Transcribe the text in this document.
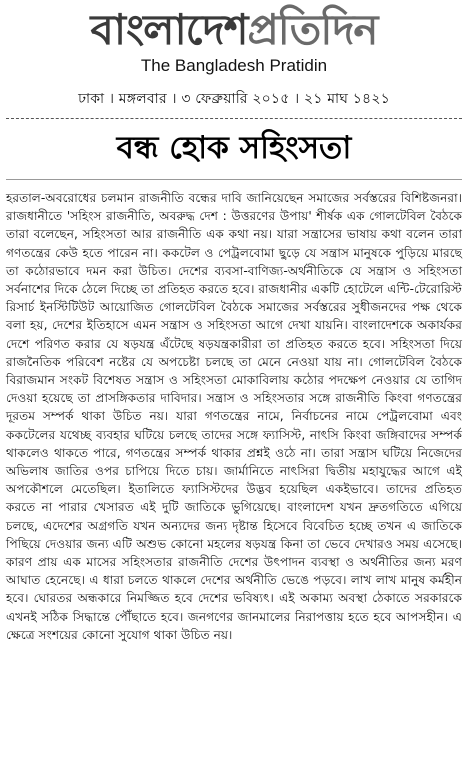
বাংলাদেশপ্রতিদিন
The Bangladesh Pratidin
ঢাকা । মঙ্গলবার । ৩ ফেব্রুয়ারি ২০১৫ । ২১ মাঘ ১৪২১
বন্ধ হোক সহিংসতা
হরতাল-অবরোধের চলমান রাজনীতি বন্ধের দাবি জানিয়েছেন সমাজের সর্বস্তরের বিশিষ্টজনরা। রাজধানীতে 'সহিংস রাজনীতি, অবরুদ্ধ দেশ : উত্তরণের উপায়' শীর্ষক এক গোলটেবিল বৈঠকে তারা বলেছেন, সহিংসতা আর রাজনীতি এক কথা নয়। যারা সন্ত্রাসের ভাষায় কথা বলেন তারা গণতন্ত্রের কেউ হতে পারেন না। ককটেল ও পেট্রলবোমা ছুড়ে যে সন্ত্রাস মানুষকে পুড়িয়ে মারছে তা কঠোরভাবে দমন করা উচিত। দেশের ব্যবসা-বাণিজ্য-অর্থনীতিকে যে সন্ত্রাস ও সহিংসতা সর্বনাশের দিকে ঠেলে দিচ্ছে তা প্রতিহত করতে হবে। রাজধানীর একটি হোটেলে এন্টি-টেরোরিস্ট রিসার্চ ইনস্টিটিউট আয়োজিত গোলটেবিল বৈঠকে সমাজের সর্বস্তরের সুধীজনদের পক্ষ থেকে বলা হয়, দেশের ইতিহাসে এমন সন্ত্রাস ও সহিংসতা আগে দেখা যায়নি। বাংলাদেশকে অকার্যকর দেশে পরিণত করার যে ষড়যন্ত্র এঁটেছে ষড়যন্ত্রকারীরা তা প্রতিহত করতে হবে। সহিংসতা দিয়ে রাজনৈতিক পরিবেশ নষ্টের যে অপচেষ্টা চলছে তা মেনে নেওয়া যায় না। গোলটেবিল বৈঠকে বিরাজমান সংকট বিশেষত সন্ত্রাস ও সহিংসতা মোকাবিলায় কঠোর পদক্ষেপ নেওয়ার যে তাগিদ দেওয়া হয়েছে তা প্রাসঙ্গিকতার দাবিদার। সন্ত্রাস ও সহিংসতার সঙ্গে রাজনীতি কিংবা গণতন্ত্রের দূরতম সম্পর্ক থাকা উচিত নয়। যারা গণতন্ত্রের নামে, নির্বাচনের নামে পেট্রলবোমা এবং ককটেলের যথেচ্ছ ব্যবহার ঘটিয়ে চলছে তাদের সঙ্গে ফ্যাসিস্ট, নাৎসি কিংবা জঙ্গিবাদের সম্পর্ক থাকলেও থাকতে পারে, গণতন্ত্রের সম্পর্ক থাকার প্রশ্নই ওঠে না। তারা সন্ত্রাস ঘটিয়ে নিজেদের অভিলাষ জাতির ওপর চাপিয়ে দিতে চায়। জার্মানিতে নাৎসিরা দ্বিতীয় মহাযুদ্ধের আগে এই অপকৌশলে মেতেছিল। ইতালিতে ফ্যাসিস্টদের উদ্ভব হয়েছিল একইভাবে। তাদের প্রতিহত করতে না পারার খেসারত এই দুটি জাতিকে ভুগিয়েছে। বাংলাদেশ যখন দ্রুতগতিতে এগিয়ে চলছে, এদেশের অগ্রগতি যখন অন্যদের জন্য দৃষ্টান্ত হিসেবে বিবেচিত হচ্ছে তখন এ জাতিকে পিছিয়ে দেওয়ার জন্য এটি অশুভ কোনো মহলের ষড়যন্ত্র কিনা তা ভেবে দেখারও সময় এসেছে। কারণ প্রায় এক মাসের সহিংসতার রাজনীতি দেশের উৎপাদন ব্যবস্থা ও অর্থনীতির জন্য মরণ আঘাত হেনেছে। এ ধারা চলতে থাকলে দেশের অর্থনীতি ভেঙে পড়বে। লাখ লাখ মানুষ কর্মহীন হবে। ঘোরতর অন্ধকারে নিমজ্জিত হবে দেশের ভবিষ্যৎ। এই অকাম্য অবস্থা ঠেকাতে সরকারকে এখনই সঠিক সিদ্ধান্তে পৌঁছাতে হবে। জনগণের জানমালের নিরাপত্তায় হতে হবে আপসহীন। এ ক্ষেত্রে সংশয়ের কোনো সুযোগ থাকা উচিত নয়।
